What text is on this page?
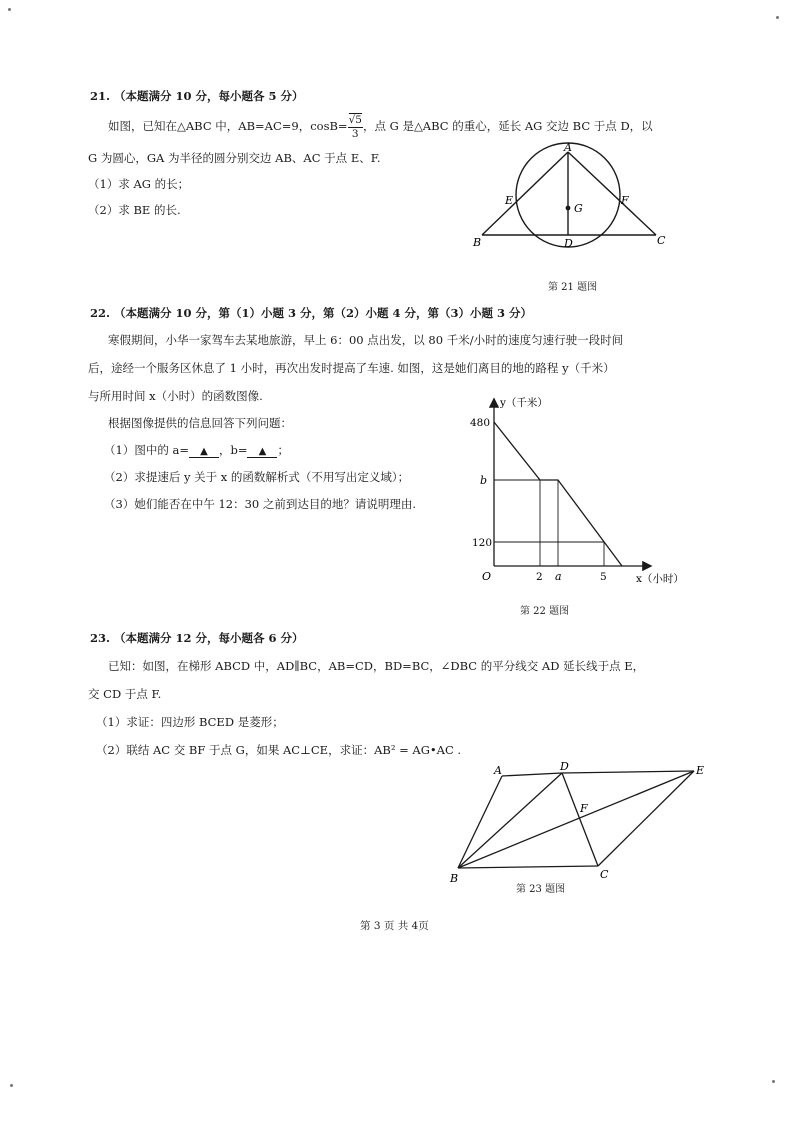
21. （本题满分 10 分，每小题各 5 分）
如图，已知在△ABC 中，AB=AC=9，$\cos B= \frac{√5}{3}$ ，点 G 是△ABC 的重心，延长 AG 交边 BC 于点 D，以
G 为圆心，GA 为半径的圆分别交边 AB、AC 于点 E、F.
（1）求 AG 的长；
（2）求 BE 的长.
A
B	C
D
E	F
G
第 21 题图
22. （本题满分 10 分，第（1）小题 3 分，第（2）小题 4 分，第（3）小题 3 分）
寒假期间，小华一家驾车去某地旅游，早上 6：00 点出发，以 80 千米/小时的速度匀速行驶一段时间
后，途经一个服务区休息了 1 小时，再次出发时提高了车速. 如图，这是她们离目的地的路程 y（千米）
与所用时间 x（小时）的函数图像.
根据图像提供的信息回答下列问题：
（1）图中的 a= ▲ ，b= ▲ ；
（2）求提速后 y 关于 x 的函数解析式（不用写出定义域）；
（3）她们能否在中午 12：30 之前到达目的地？请说明理由.
y（千米）
x（小时）
O
480
b
120
2 a	5
第 22 题图
23. （本题满分 12 分，每小题各 6 分）
已知：如图，在梯形 ABCD 中，AD∥BC，AB=CD，BD=BC，∠DBC 的平分线交 AD 延长线于点 E，
交 CD 于点 F.
（1）求证：四边形 BCED 是菱形；
（2）联结 AC 交 BF 于点 G，如果 AC⊥CE，求证：AB² = AG•AC .
A	D	E
F
B	C
第 23 题图
第 3 页 共 4页
